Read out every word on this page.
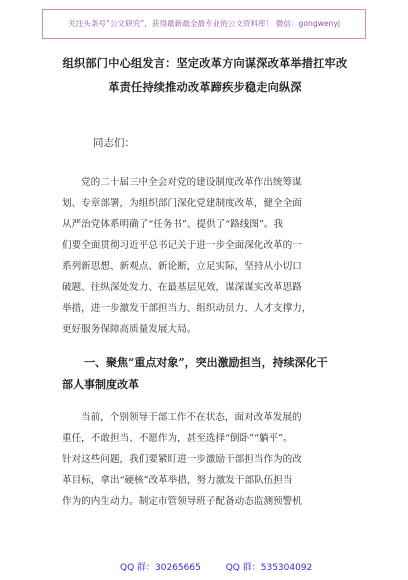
关注头条号“公文研究”，获得最新最全最专业的公文资料库！ 微信：gongwenyj
组织部门中心组发言：坚定改革方向谋深改革举措扛牢改
革责任持续推动改革蹄疾步稳走向纵深
同志们：
党的二十届三中全会对党的建设制度改革作出统筹谋
划、专章部署，为组织部门深化党建制度改革，健全全面
从严治党体系明确了“任务书”、提供了“路线图”。我
们要全面贯彻习近平总书记关于进一步全面深化改革的一
系列新思想、新观点、新论断，立足实际，坚持从小切口
破题、往纵深处发力、在最基层见效，谋深谋实改革思路
举措，进一步激发干部担当力、组织动员力、人才支撑力，
更好服务保障高质量发展大局。
一、聚焦“重点对象”，突出激励担当，持续深化干
部人事制度改革
当前，个别领导干部工作不在状态，面对改革发展的
重任，不敢担当、不愿作为，甚至选择“倒卧”“躺平”。
针对这些问题，我们要紧盯进一步激励干部担当作为的改
革目标，拿出“硬核”改革举措，努力激发干部队伍担当
作为的内生动力。制定市管领导班子配备动态监测预警机
QQ 群：30265665	QQ 群：535304092
